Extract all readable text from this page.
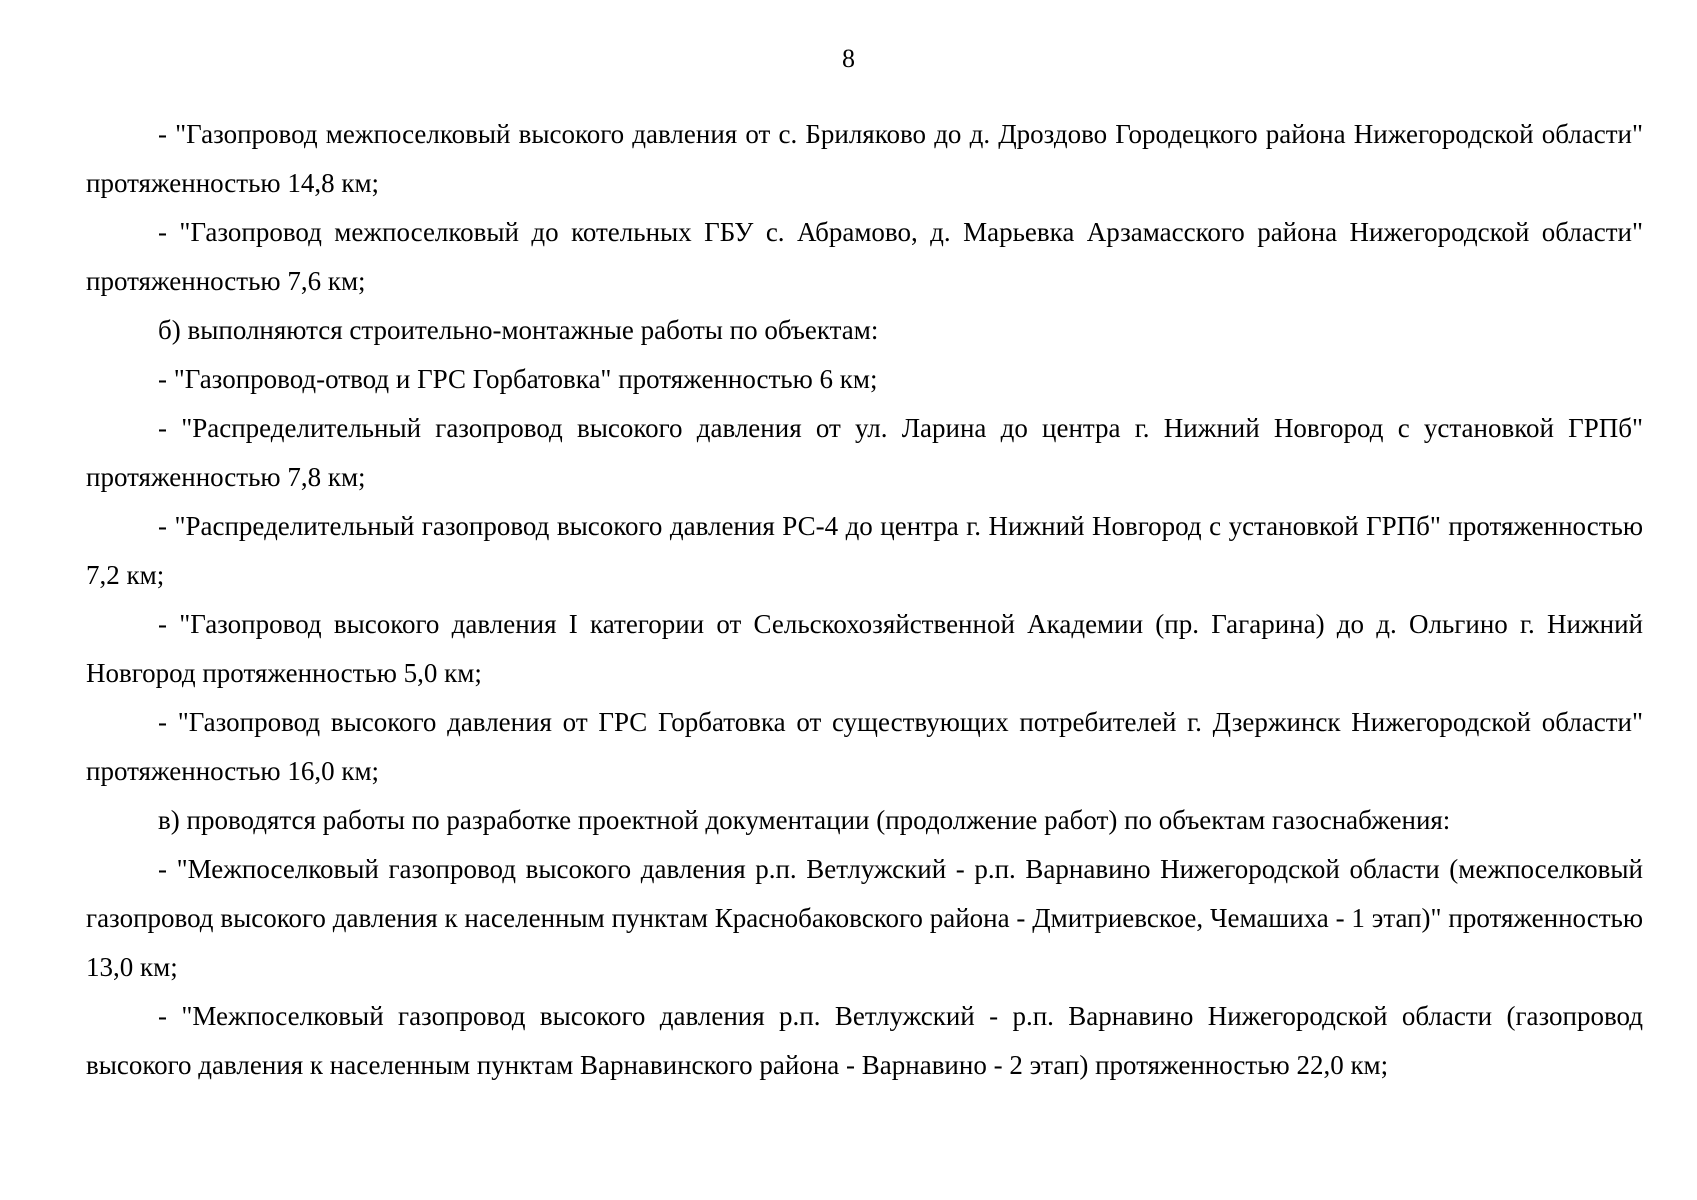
8

- "Газопровод межпоселковый высокого давления от с. Бриляково до д. Дроздово Городецкого района Нижегородской области" протяженностью 14,8 км;

- "Газопровод межпоселковый до котельных ГБУ с. Абрамово, д. Марьевка Арзамасского района Нижегородской области" протяженностью 7,6 км;

б) выполняются строительно-монтажные работы по объектам:

- "Газопровод-отвод и ГРС Горбатовка" протяженностью 6 км;

- "Распределительный газопровод высокого давления от ул. Ларина до центра г. Нижний Новгород с установкой ГРПб" протяженностью 7,8 км;

- "Распределительный газопровод высокого давления РС-4 до центра г. Нижний Новгород с установкой ГРПб" протяженностью 7,2 км;

- "Газопровод высокого давления I категории от Сельскохозяйственной Академии (пр. Гагарина) до д. Ольгино г. Нижний Новгород протяженностью 5,0 км;

- "Газопровод высокого давления от ГРС Горбатовка от существующих потребителей г. Дзержинск Нижегородской области" протяженностью 16,0 км;

в) проводятся работы по разработке проектной документации (продолжение работ) по объектам газоснабжения:

- "Межпоселковый газопровод высокого давления р.п. Ветлужский - р.п. Варнавино Нижегородской области (межпоселковый газопровод высокого давления к населенным пунктам Краснобаковского района - Дмитриевское, Чемашиха - 1 этап)" протяженностью 13,0 км;

- "Межпоселковый газопровод высокого давления р.п. Ветлужский - р.п. Варнавино Нижегородской области (газопровод высокого давления к населенным пунктам Варнавинского района - Варнавино - 2 этап) протяженностью 22,0 км;
